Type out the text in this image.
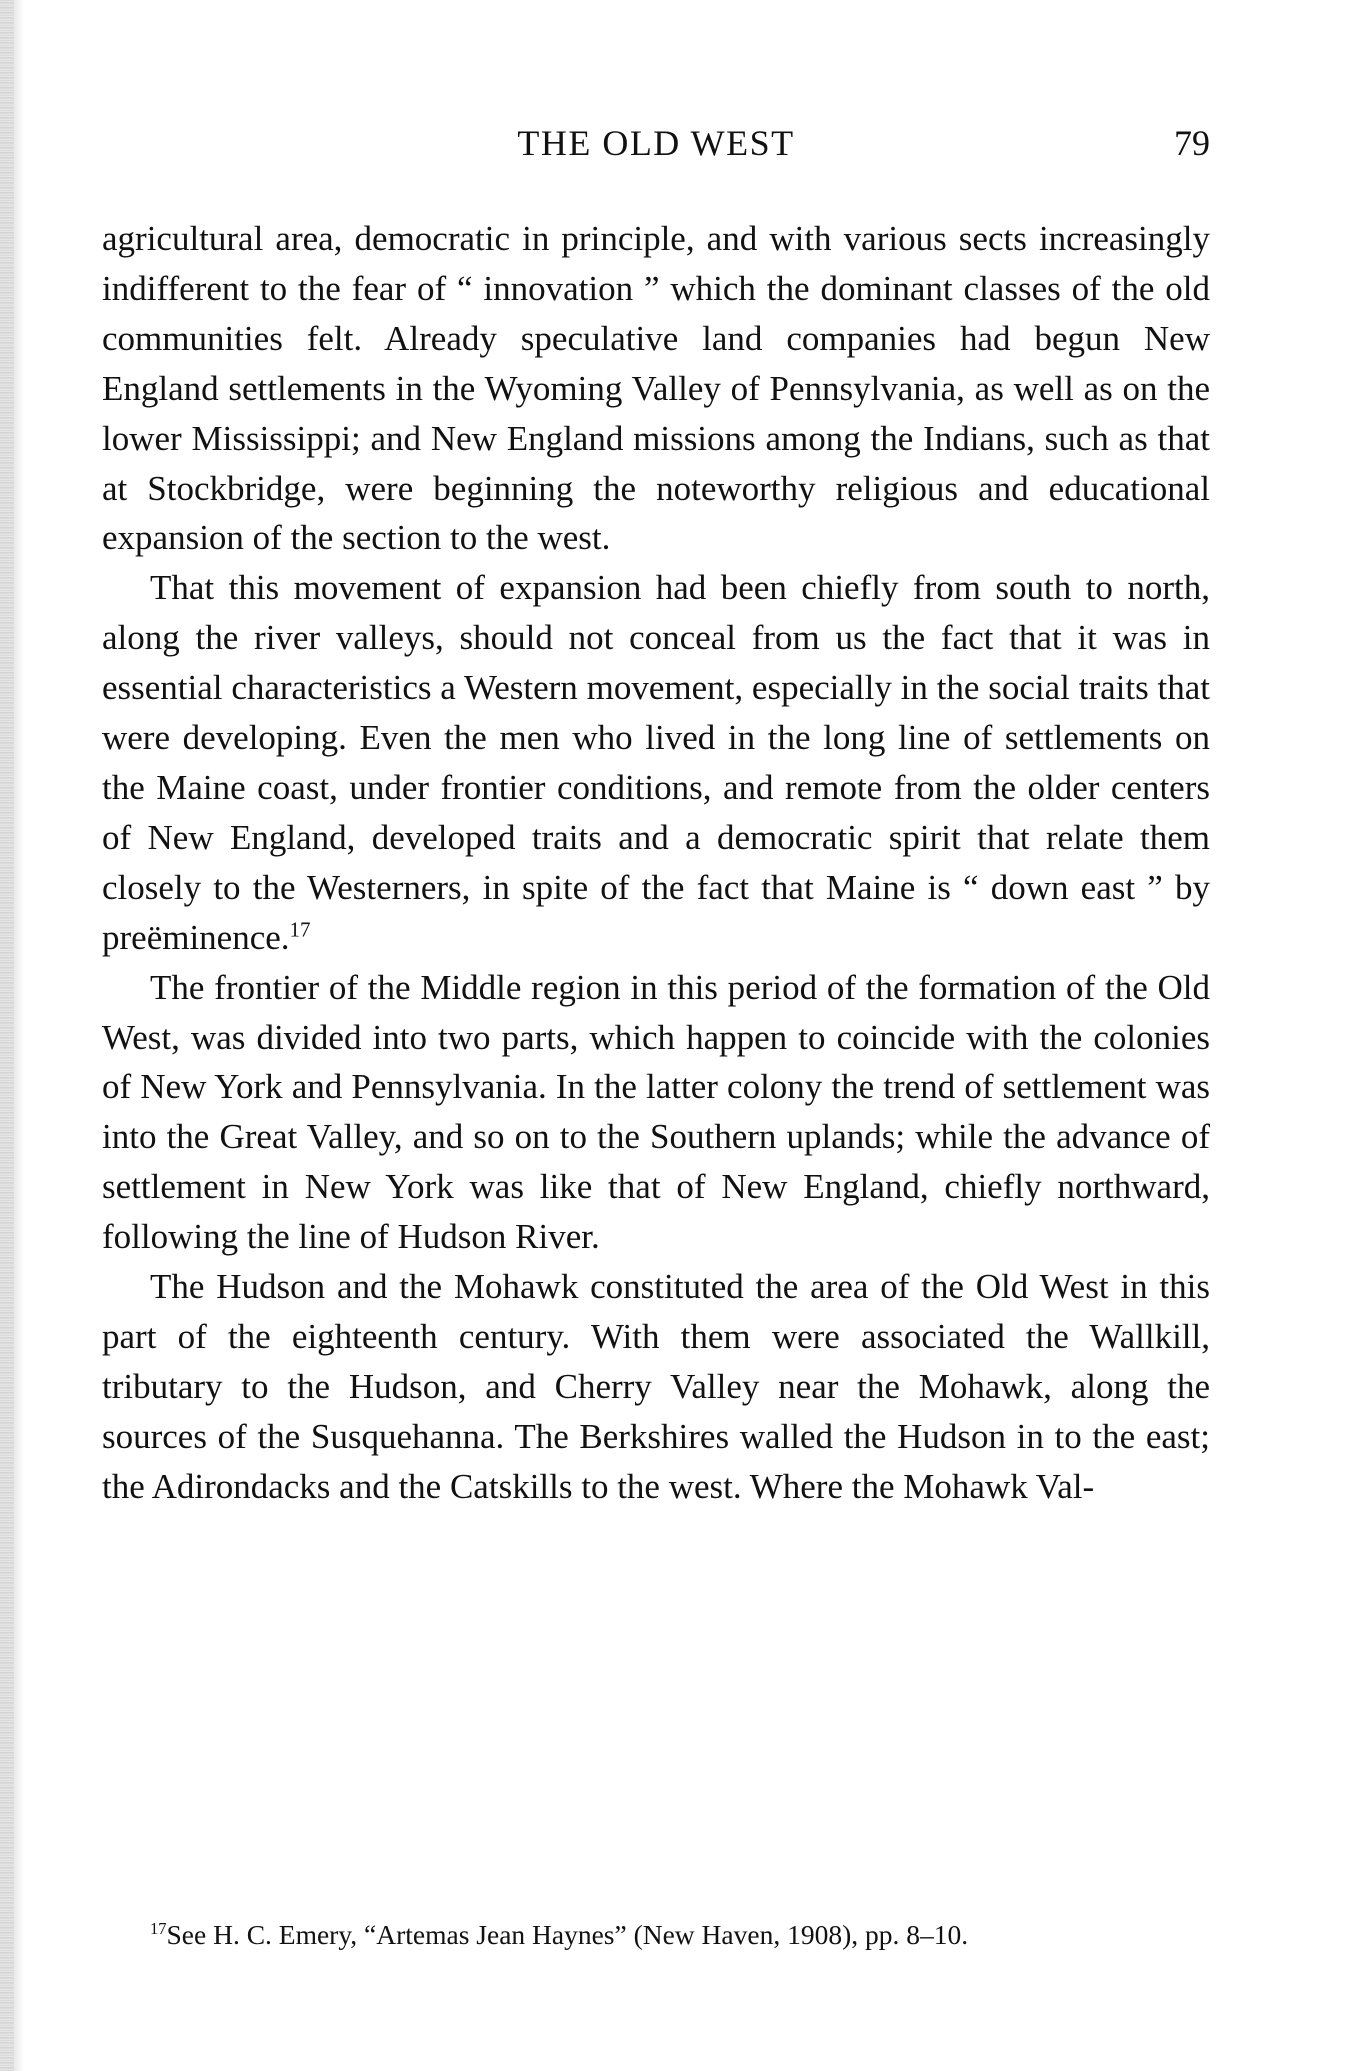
THE OLD WEST	79

agricultural area, democratic in principle, and with various sects increasingly indifferent to the fear of “ innovation ” which the dominant classes of the old communities felt. Already speculative land companies had begun New England settlements in the Wyoming Valley of Pennsylvania, as well as on the lower Mississippi; and New England missions among the Indians, such as that at Stockbridge, were beginning the noteworthy religious and educational expansion of the section to the west.

That this movement of expansion had been chiefly from south to north, along the river valleys, should not conceal from us the fact that it was in essential characteristics a Western movement, especially in the social traits that were developing. Even the men who lived in the long line of settlements on the Maine coast, under frontier conditions, and remote from the older centers of New England, developed traits and a democratic spirit that relate them closely to the Westerners, in spite of the fact that Maine is “ down east ” by preëminence.$^{17}$

The frontier of the Middle region in this period of the formation of the Old West, was divided into two parts, which happen to coincide with the colonies of New York and Pennsylvania. In the latter colony the trend of settlement was into the Great Valley, and so on to the Southern uplands; while the advance of settlement in New York was like that of New England, chiefly northward, following the line of Hudson River.

The Hudson and the Mohawk constituted the area of the Old West in this part of the eighteenth century. With them were associated the Wallkill, tributary to the Hudson, and Cherry Valley near the Mohawk, along the sources of the Susquehanna. The Berkshires walled the Hudson in to the east; the Adirondacks and the Catskills to the west. Where the Mohawk Val-

$^{17}$See H. C. Emery, “Artemas Jean Haynes” (New Haven, 1908), pp. 8–10.
